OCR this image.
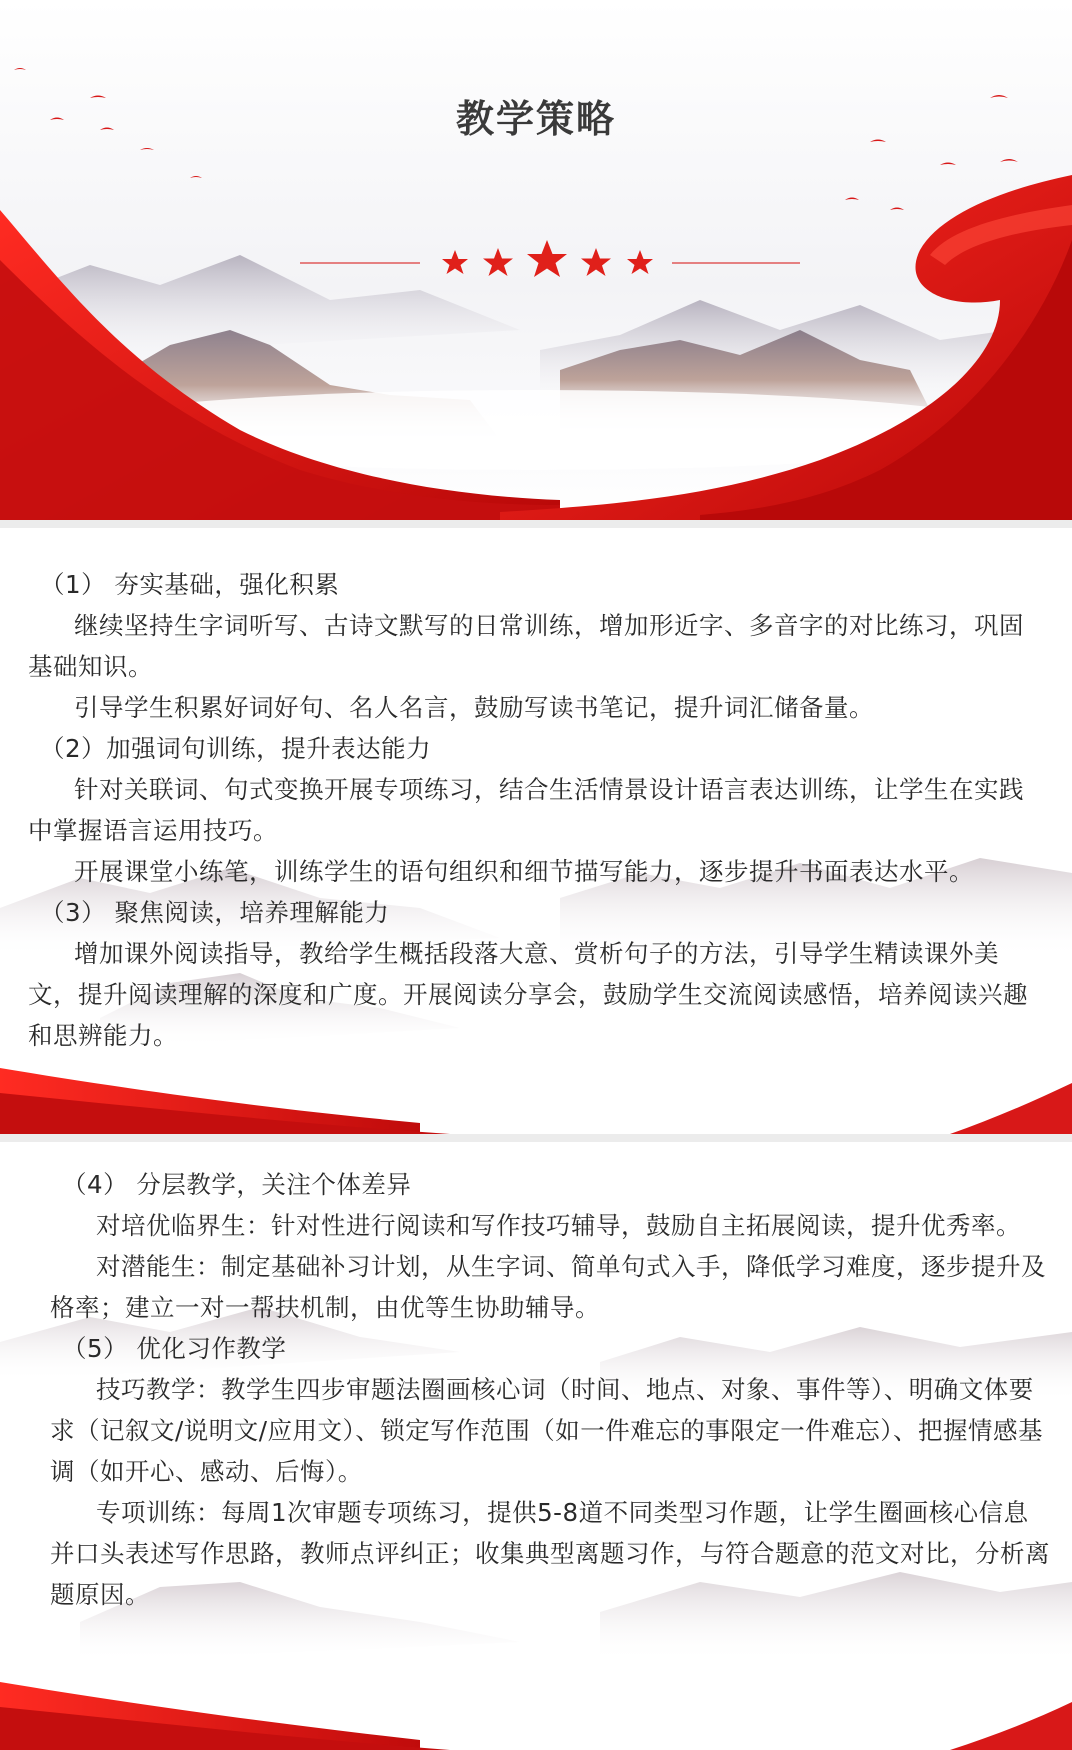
教学策略

（1） 夯实基础，强化积累

继续坚持生字词听写、古诗文默写的日常训练，增加形近字、多音字的对比练习，巩固基础知识。

引导学生积累好词好句、名人名言，鼓励写读书笔记，提升词汇储备量。

（2）加强词句训练，提升表达能力

针对关联词、句式变换开展专项练习，结合生活情景设计语言表达训练，让学生在实践中掌握语言运用技巧。

开展课堂小练笔，训练学生的语句组织和细节描写能力，逐步提升书面表达水平。

（3） 聚焦阅读，培养理解能力

增加课外阅读指导，教给学生概括段落大意、赏析句子的方法，引导学生精读课外美文，提升阅读理解的深度和广度。开展阅读分享会，鼓励学生交流阅读感悟，培养阅读兴趣和思辨能力。

（4） 分层教学，关注个体差异

对培优临界生：针对性进行阅读和写作技巧辅导，鼓励自主拓展阅读，提升优秀率。

对潜能生：制定基础补习计划，从生字词、简单句式入手，降低学习难度，逐步提升及格率；建立一对一帮扶机制，由优等生协助辅导。

（5） 优化习作教学

技巧教学：教学生四步审题法圈画核心词（时间、地点、对象、事件等）、明确文体要求（记叙文/说明文/应用文）、锁定写作范围（如一件难忘的事限定一件难忘）、把握情感基调（如开心、感动、后悔）。

专项训练：每周1次审题专项练习，提供5-8道不同类型习作题，让学生圈画核心信息并口头表述写作思路，教师点评纠正；收集典型离题习作，与符合题意的范文对比，分析离题原因。
